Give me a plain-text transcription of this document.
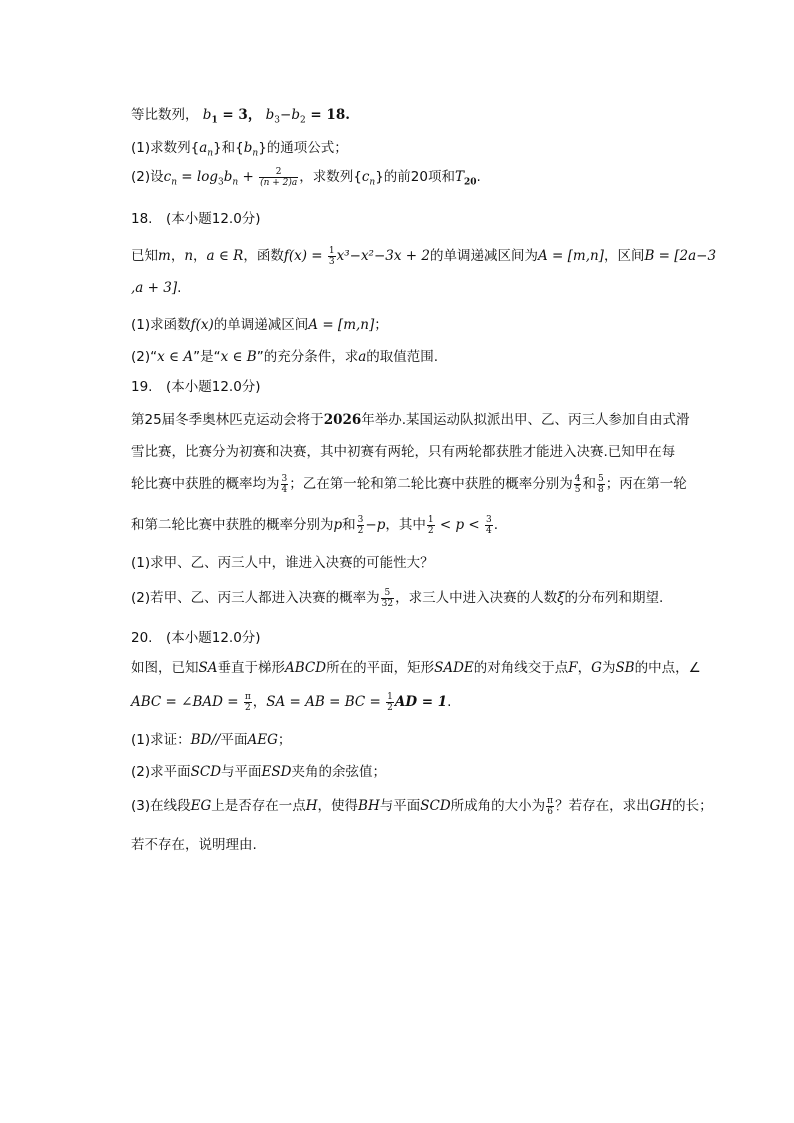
等比数列， $b_1 = 3$， $b_3-b_2 = 18$.
(1)求数列$\{a_n\}$和$\{b_n\}$的通项公式；
(2)设$c_n = \log_3b_n + \frac{2}{(n + 2)a}$ ，求数列$\{c_n\}$的前20项和$T_{20}$.
18.　(本小题12.0分)
已知m，n，a ∈ R，函数$f(x) = \frac{1}{3} x^3-x^2-3x + 2$的单调递减区间为A = [m,n]，区间B = [2a−3
,a + 3].
(1)求函数f(x)的单调递减区间A = [m,n]；
(2)“x ∈ A”是“x ∈ B”的充分条件，求a的取值范围.
19.　(本小题12.0分)
第25届冬季奥林匹克运动会将于2026年举办.某国运动队拟派出甲、乙、丙三人参加自由式滑
雪比赛，比赛分为初赛和决赛，其中初赛有两轮，只有两轮都获胜才能进入决赛.已知甲在每
轮比赛中获胜的概率均为 $\frac{3}{4}$ ；乙在第一轮和第二轮比赛中获胜的概率分别为 $\frac{4}{5}$ 和 $\frac{5}{8}$ ；丙在第一轮
和第二轮比赛中获胜的概率分别为p和 $\frac{3}{2} -p$，其中 $\frac{1}{2} < p < \frac{3}{4}$ .
(1)求甲、乙、丙三人中，谁进入决赛的可能性大？
(2)若甲、乙、丙三人都进入决赛的概率为 $\frac{5}{32}$ ，求三人中进入决赛的人数ξ的分布列和期望.
20.　(本小题12.0分)
如图，已知SA垂直于梯形ABCD所在的平面，矩形SADE的对角线交于点F，G为SB的中点，∠
ABC = ∠BAD = $\frac{\pi}{2}$ ，SA = AB = BC = $\frac{1}{2}$ AD = 1.
(1)求证：BD//平面AEG；
(2)求平面SCD与平面ESD夹角的余弦值；
(3)在线段EG上是否存在一点H，使得BH与平面SCD所成角的大小为 $\frac{\pi}{6}$ ？若存在，求出GH的长；
若不存在，说明理由.
